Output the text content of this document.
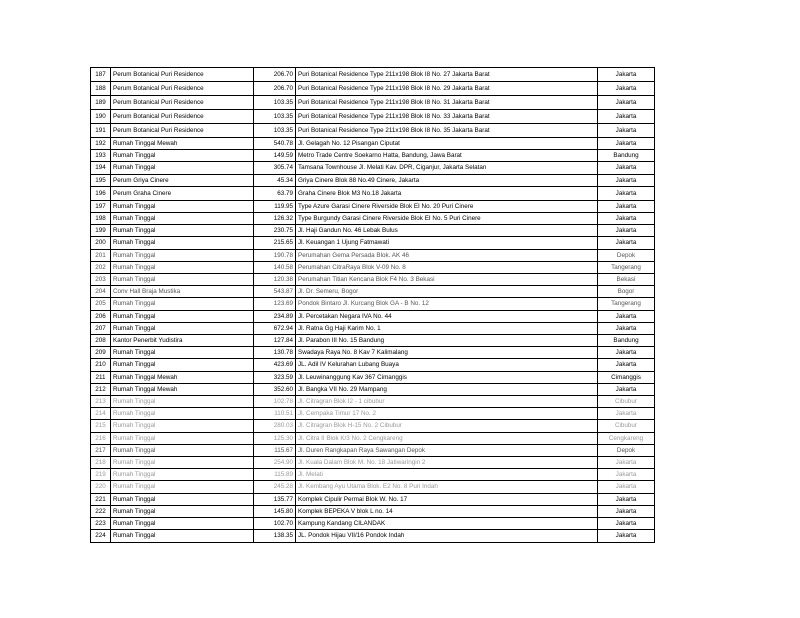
187	Perum Botanical Puri Residence	206.70	Puri Botanical Residence Type 211x198 Blok I8 No. 27 Jakarta Barat	Jakarta
188	Perum Botanical Puri Residence	206.70	Puri Botanical Residence Type 211x198 Blok I8 No. 29 Jakarta Barat	Jakarta
189	Perum Botanical Puri Residence	103.35	Puri Botanical Residence Type 211x198 Blok I8 No. 31 Jakarta Barat	Jakarta
190	Perum Botanical Puri Residence	103.35	Puri Botanical Residence Type 211x198 Blok I8 No. 33 Jakarta Barat	Jakarta
191	Perum Botanical Puri Residence	103.35	Puri Botanical Residence Type 211x198 Blok I8 No. 35 Jakarta Barat	Jakarta
192	Rumah Tinggal Mewah	540.78	Jl. Gelagah No. 12 Pisangan Ciputat	Jakarta
193	Rumah Tinggal	149.59	Metro Trade Centre Soekarno Hatta, Bandung, Jawa Barat	Bandung
194	Rumah Tinggal	305.74	Tamsana Townhouse Jl. Melati Kav. DPR, Ciganjur, Jakarta Selatan	Jakarta
195	Perum Griya Cinere	45.34	Griya Cinere Blok 88 No.49 Cinere, Jakarta	Jakarta
196	Perum Graha Cinere	63.79	Graha Cinere Blok M3 No.18 Jakarta	Jakarta
197	Rumah Tinggal	119.95	Type Azure Garasi Cinere Riverside Blok EI No. 20 Puri Cinere	Jakarta
198	Rumah Tinggal	126.32	Type Burgundy Garasi Cinere Riverside Blok EI No. 5 Puri Cinere	Jakarta
199	Rumah Tinggal	230.75	Jl. Haji Gandun No. 46 Lebak Bulus	Jakarta
200	Rumah Tinggal	215.65	Jl. Keuangan 1 Ujung Fatmawati	Jakarta
201	Rumah Tinggal	190.78	Perumahan Gema Persada Blok. AK 46	Depok
202	Rumah Tinggal	140.58	Perumahan CitraRaya Blok V-09 No. 8	Tangerang
203	Rumah Tinggal	120.38	Perumahan Titian Kencana Blok F4 No. 3 Bekasi	Bekasi
204	Conv Hall Braja Mustika	543.87	Jl. Dr. Semeru, Bogor	Bogor
205	Rumah Tinggal	123.69	Pondok Bintaro Jl. Kurcang Blok GA - B No. 12	Tangerang
206	Rumah Tinggal	234.89	Jl. Percetakan Negara IVA No. 44	Jakarta
207	Rumah Tinggal	672.94	Jl. Ratna Gg Haji Karim No. 1	Jakarta
208	Kantor Penerbit Yudistira	127.84	Jl. Parabon III No. 15 Bandung	Bandung
209	Rumah Tinggal	130.78	Swadaya Raya No. 8 Kav 7 Kalimalang	Jakarta
210	Rumah Tinggal	423.69	JL. Adil IV Kelurahan Lubang Buaya	Jakarta
211	Rumah Tinggal Mewah	323.59	Jl. Leuwinanggung Kav 367 Cimanggis	Cimanggis
212	Rumah Tinggal Mewah	352.60	Jl. Bangka VII No. 29 Mampang	Jakarta
213	Rumah Tinggal	102.78	Jl. Citragran Blok I2 - 1 cibubur	Cibubur
214	Rumah Tinggal	110.51	Jl. Cempaka Timur 17 No. 2	Jakarta
215	Rumah Tinggal	280.03	Jl. Citragran Blok H-15 No. 2 Cibubur	Cibubur
216	Rumah Tinggal	125.30	Jl. Citra II Blok K/3 No. 2 Cengkareng	Cengkareng
217	Rumah Tinggal	115.67	Jl. Duren Rangkapan Raya Sawangan Depok	Depok
218	Rumah Tinggal	254.90	Jl. Kuala Dalam Blok M. No. 18 Jatiwaringin 2	Jakarta
219	Rumah Tinggal	115.89	Jl. Melati	Jakarta
220	Rumah Tinggal	245.28	Jl. Kembang Ayu Utama Blok. E2 No. 8 Puri Indah	Jakarta
221	Rumah Tinggal	135.77	Komplek Cipulir Permai Blok W. No. 17	Jakarta
222	Rumah Tinggal	145.80	Komplek BEPEKA V blok L no. 14	Jakarta
223	Rumah Tinggal	102.70	Kampung Kandang CILANDAK	Jakarta
224	Rumah Tinggal	138.35	JL. Pondok Hijau VII/16 Pondok Indah	Jakarta
